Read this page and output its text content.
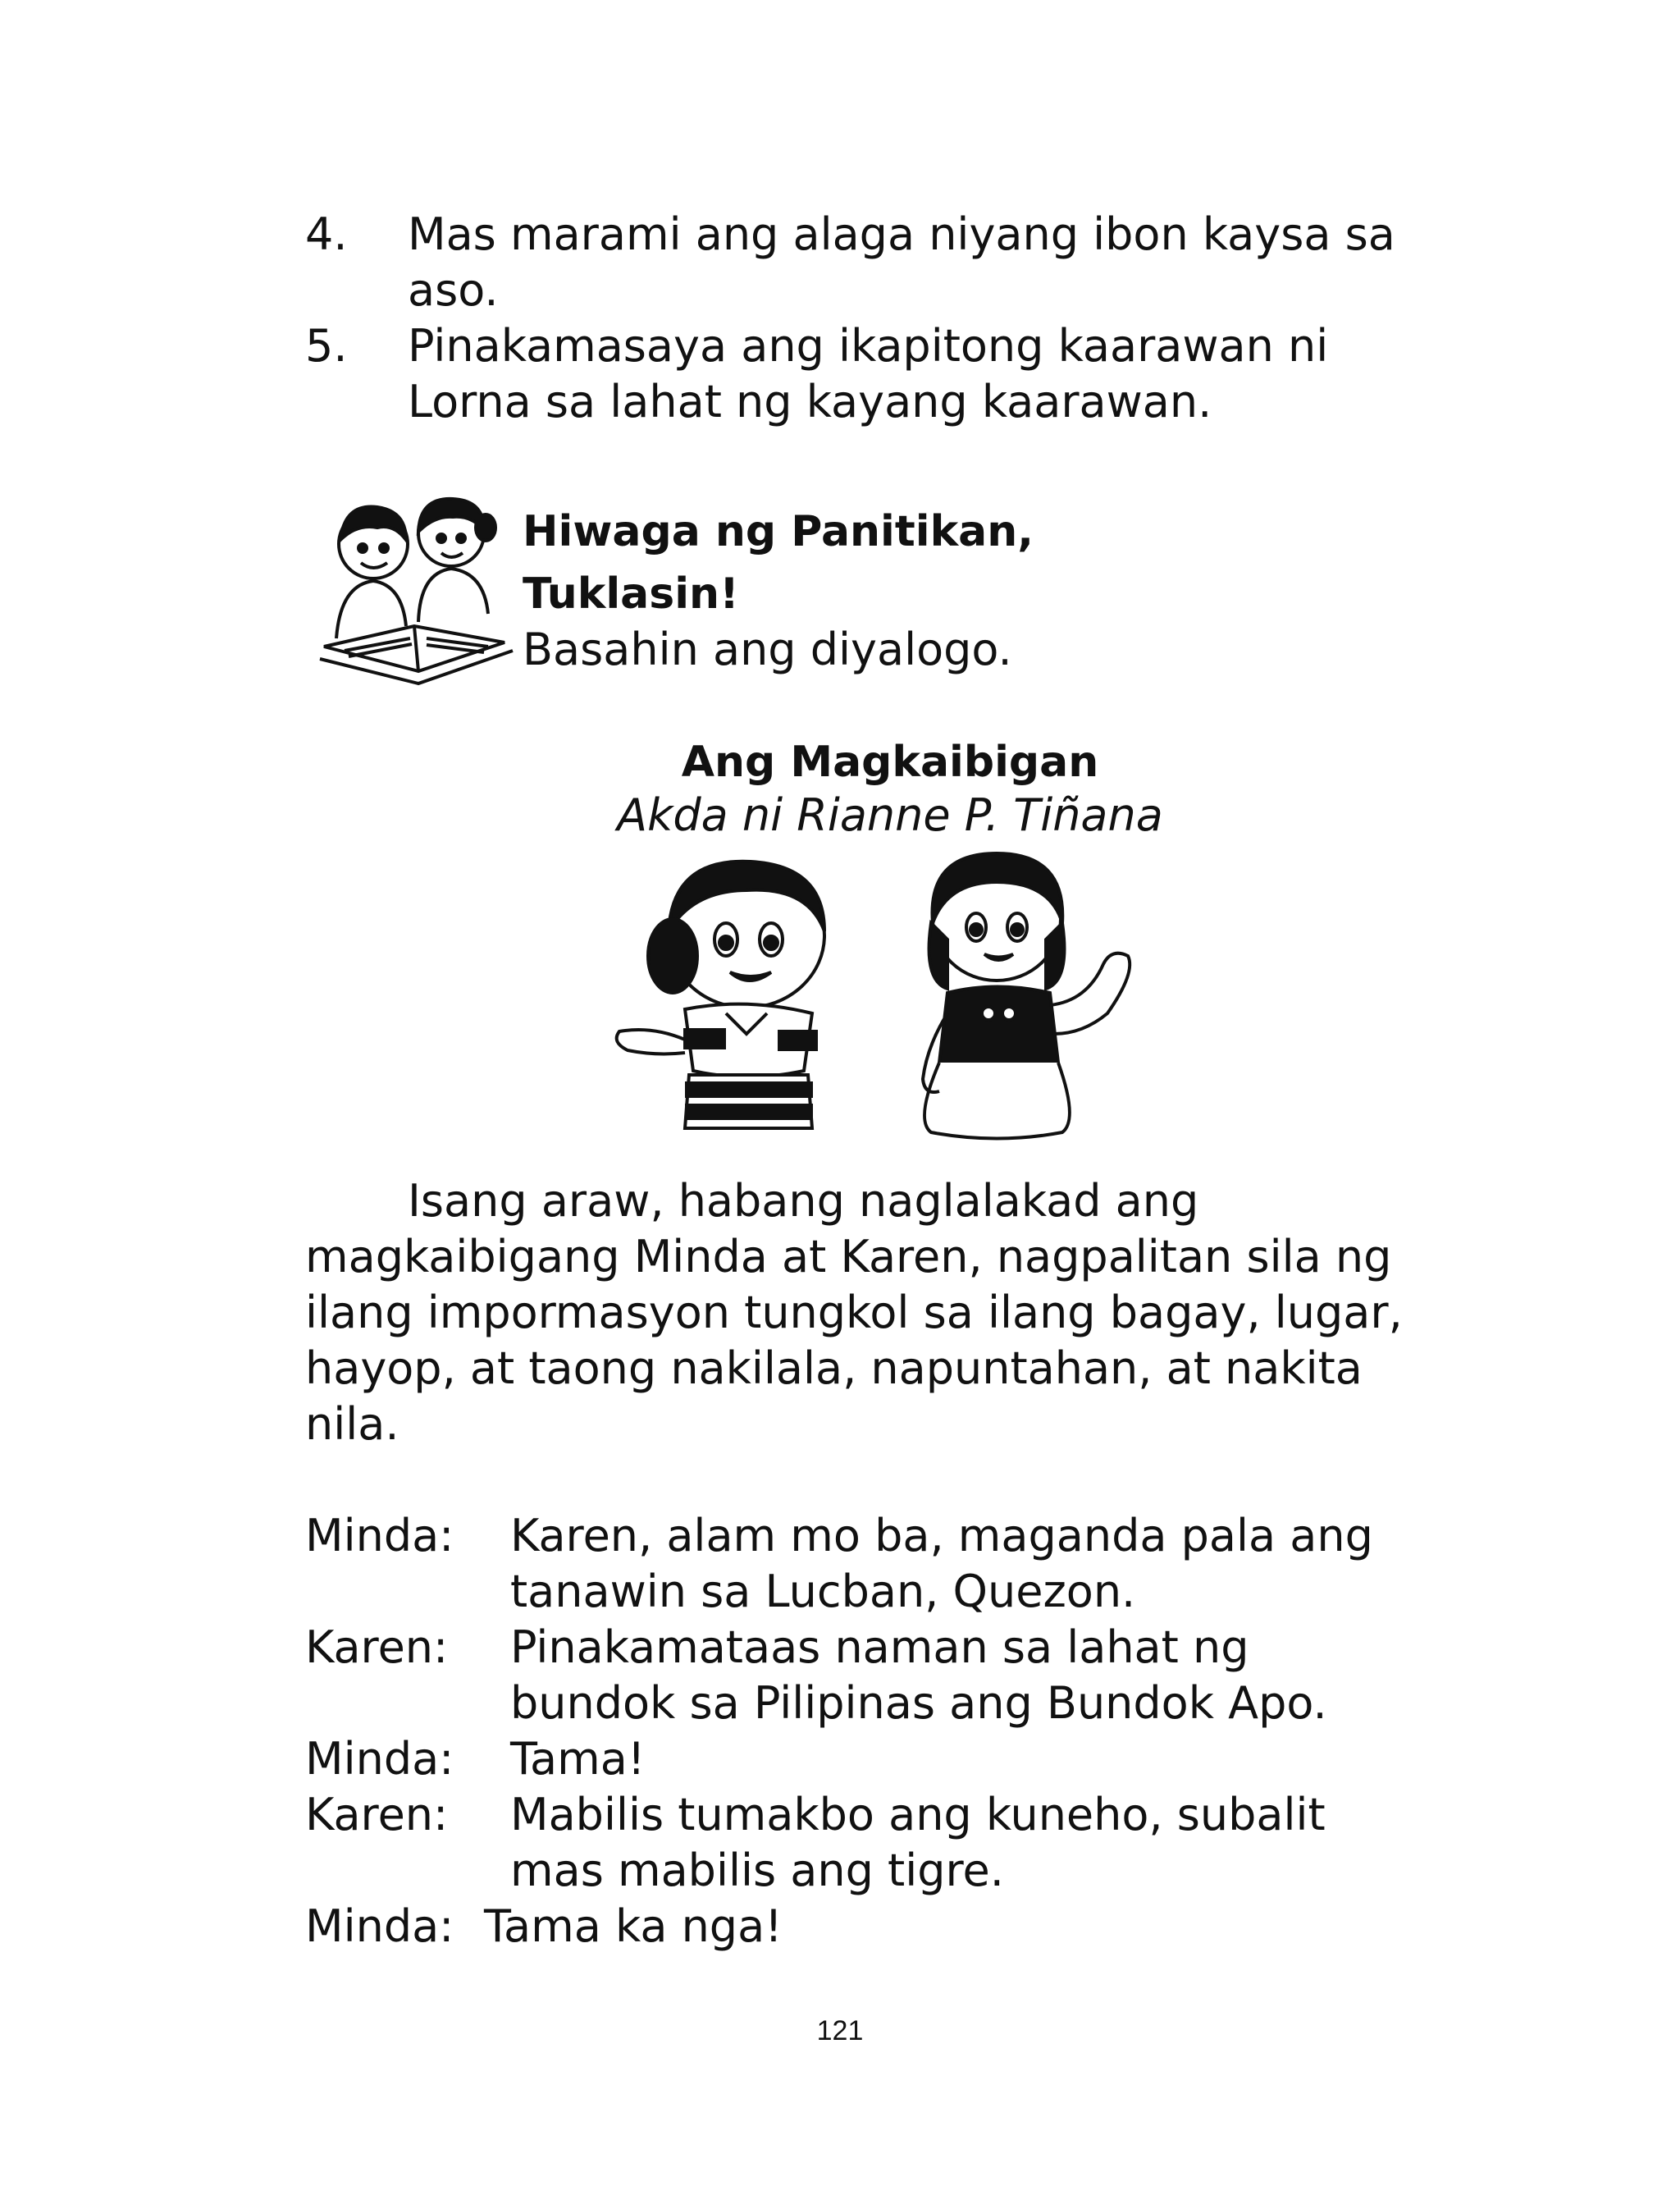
4. Mas marami ang alaga niyang ibon kaysa sa
aso.
5. Pinakamasaya ang ikapitong kaarawan ni
Lorna sa lahat ng kayang kaarawan.
Hiwaga ng Panitikan,
Tuklasin!
Basahin ang diyalogo.
Ang Magkaibigan
Akda ni Rianne P. Tiñana
Isang araw, habang naglalakad ang
magkaibigang Minda at Karen, nagpalitan sila ng
ilang impormasyon tungkol sa ilang bagay, lugar,
hayop, at taong nakilala, napuntahan, at nakita
nila.
Minda: Karen, alam mo ba, maganda pala ang
tanawin sa Lucban, Quezon.
Karen: Pinakamataas naman sa lahat ng
bundok sa Pilipinas ang Bundok Apo.
Minda: Tama!
Karen: Mabilis tumakbo ang kuneho, subalit
mas mabilis ang tigre.
Minda: Tama ka nga!
121
